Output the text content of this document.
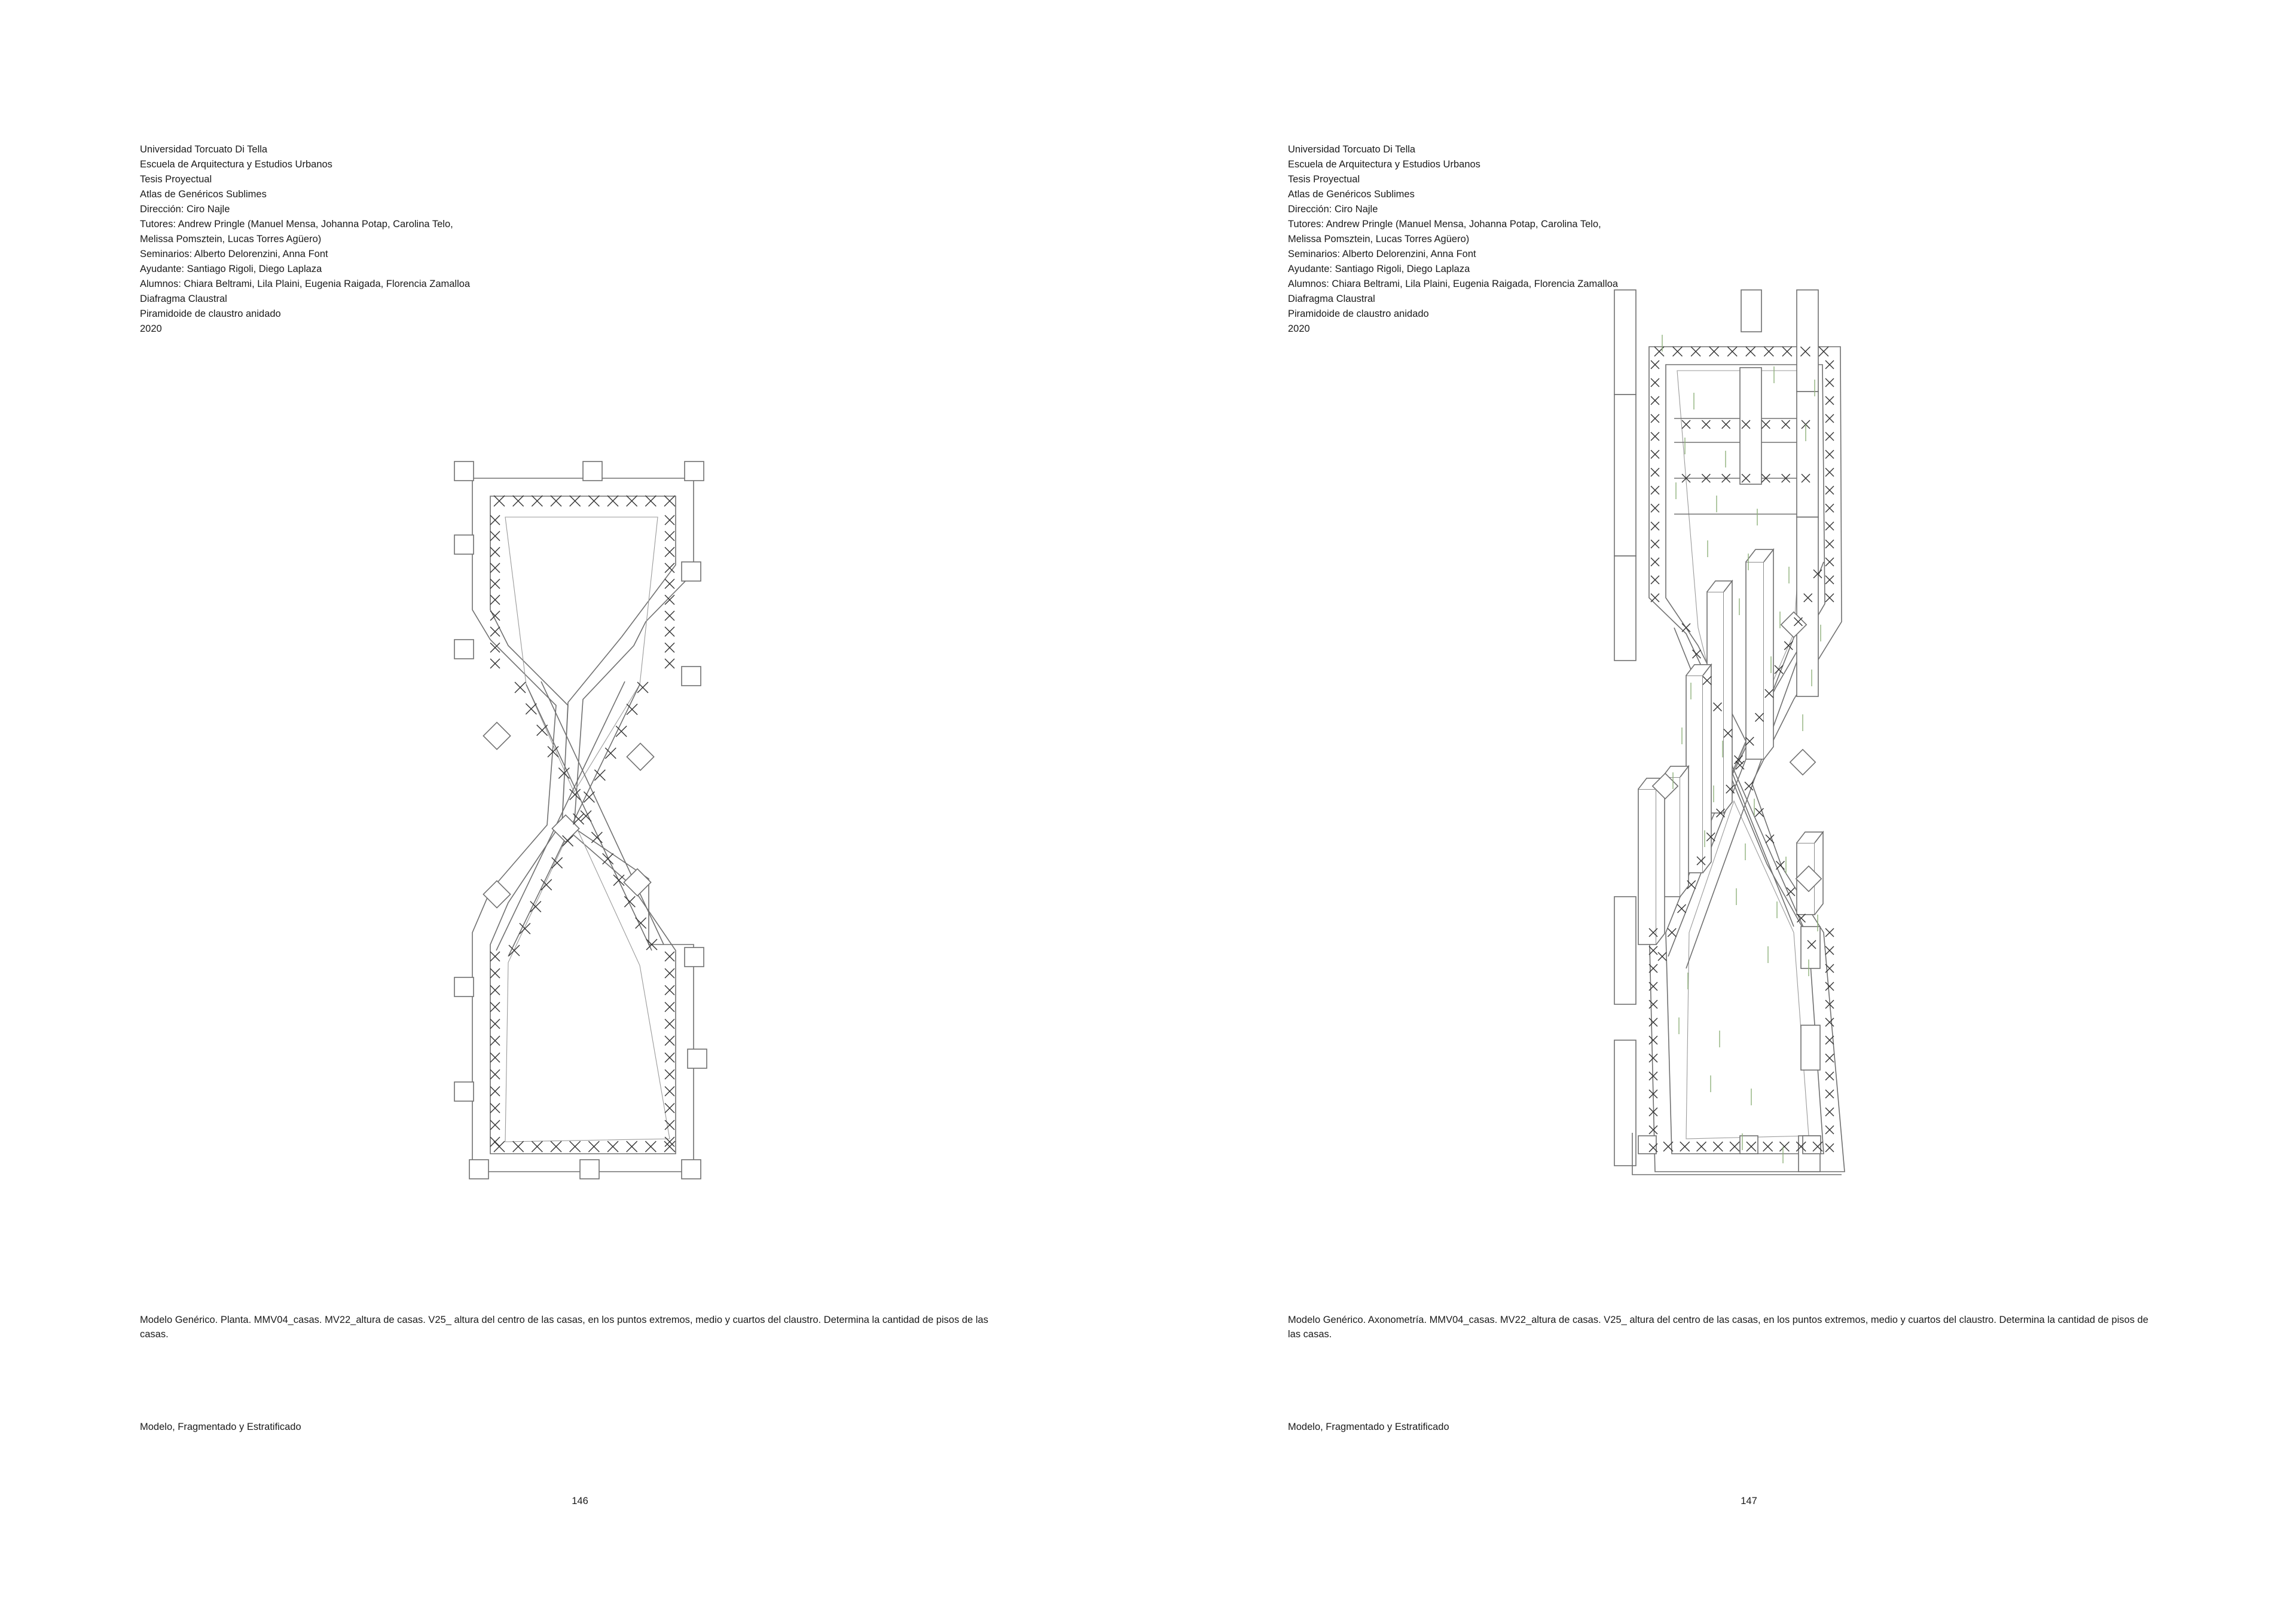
Universidad Torcuato Di Tella
Escuela de Arquitectura y Estudios Urbanos
Tesis Proyectual
Atlas de Genéricos Sublimes
Dirección: Ciro Najle
Tutores: Andrew Pringle (Manuel Mensa, Johanna Potap, Carolina Telo, Melissa Pomsztein, Lucas Torres Agüero)
Seminarios: Alberto Delorenzini, Anna Font
Ayudante: Santiago Rigoli, Diego Laplaza
Alumnos: Chiara Beltrami, Lila Plaini, Eugenia Raigada, Florencia Zamalloa
Diafragma Claustral
Piramidoide de claustro anidado
2020
Modelo Genérico. Planta. MMV04_casas. MV22_altura de casas. V25_ altura del centro de las casas, en los puntos extremos, medio y cuartos del claustro. Determina la cantidad de pisos de las casas.
Modelo, Fragmentado y Estratificado
146
Universidad Torcuato Di Tella
Escuela de Arquitectura y Estudios Urbanos
Tesis Proyectual
Atlas de Genéricos Sublimes
Dirección: Ciro Najle
Tutores: Andrew Pringle (Manuel Mensa, Johanna Potap, Carolina Telo, Melissa Pomsztein, Lucas Torres Agüero)
Seminarios: Alberto Delorenzini, Anna Font
Ayudante: Santiago Rigoli, Diego Laplaza
Alumnos: Chiara Beltrami, Lila Plaini, Eugenia Raigada, Florencia Zamalloa
Diafragma Claustral
Piramidoide de claustro anidado
2020
Modelo Genérico. Axonometría. MMV04_casas. MV22_altura de casas. V25_ altura del centro de las casas, en los puntos extremos, medio y cuartos del claustro. Determina la cantidad de pisos de las casas.
Modelo, Fragmentado y Estratificado
147
